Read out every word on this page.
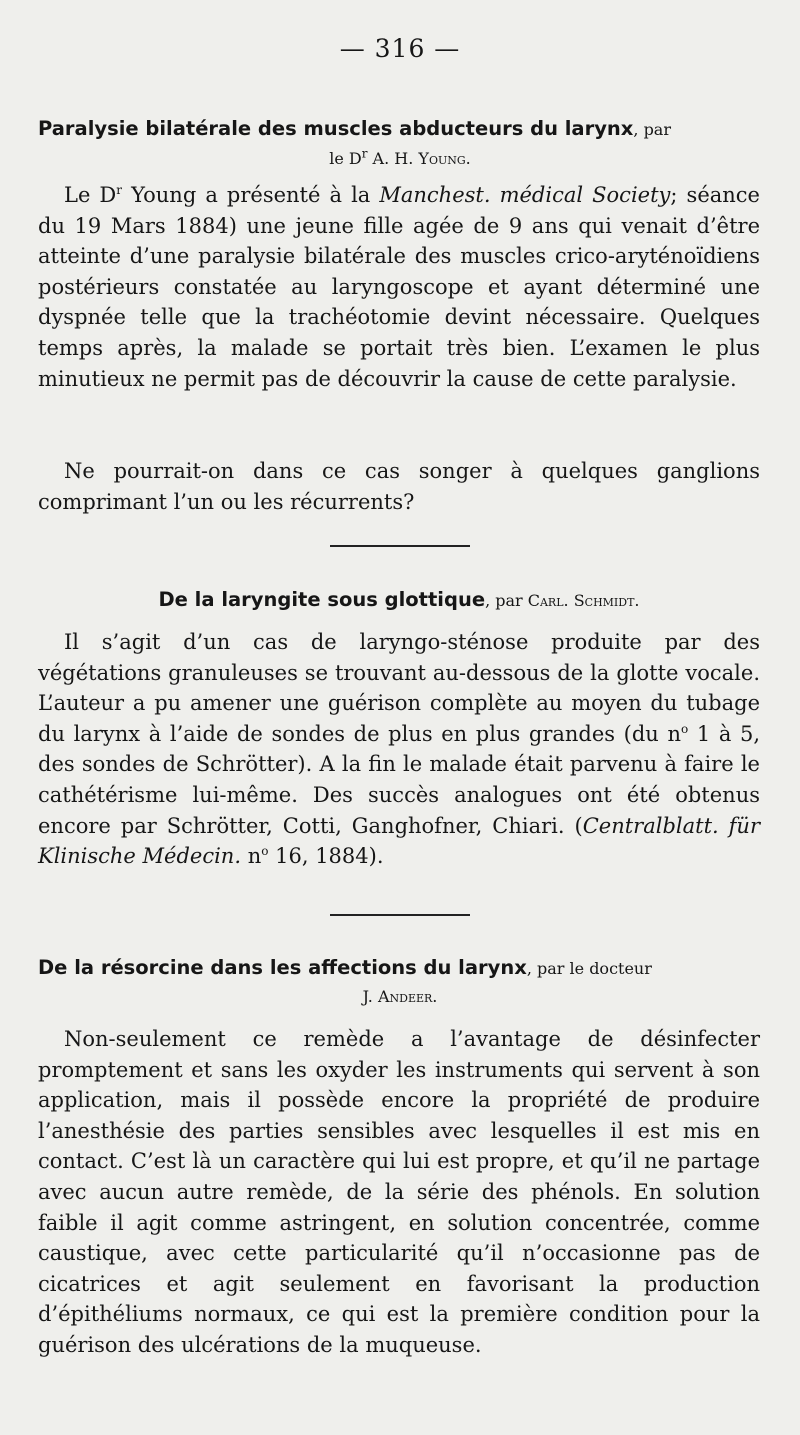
— 316 —
Paralysie bilatérale des muscles abducteurs du larynx, par
le $D^r$ A. H. Young.

Le $D^r$ Young a présenté à la Manchest. médical Society; séance du 19 Mars 1884) une jeune fille agée de 9 ans qui venait d’être atteinte d’une paralysie bilatérale des muscles crico-aryténoïdiens postérieurs constatée au laryngoscope et ayant déterminé une dyspnée telle que la trachéotomie devint nécessaire. Quelques temps après, la malade se portait très bien. L’examen le plus minutieux ne permit pas de découvrir la cause de cette paralysie.

Ne pourrait-on dans ce cas songer à quelques ganglions comprimant l’un ou les récurrents?

De la laryngite sous glottique, par Carl. Schmidt.

Il s’agit d’un cas de laryngo-sténose produite par des végétations granuleuses se trouvant au-dessous de la glotte vocale. L’auteur a pu amener une guérison complète au moyen du tubage du larynx à l’aide de sondes de plus en plus grandes (du $n^o$ 1 à 5, des sondes de Schrötter). A la fin le malade était parvenu à faire le cathétérisme lui-même. Des succès analogues ont été obtenus encore par Schrötter, Cotti, Ganghofner, Chiari. (Centralblatt. für Klinische Médecin. $n^o$ 16, 1884).

De la résorcine dans les affections du larynx, par le docteur
J. Andeer.

Non-seulement ce remède a l’avantage de désinfecter promptement et sans les oxyder les instruments qui servent à son application, mais il possède encore la propriété de produire l’anesthésie des parties sensibles avec lesquelles il est mis en contact. C’est là un caractère qui lui est propre, et qu’il ne partage avec aucun autre remède, de la série des phénols. En solution faible il agit comme astringent, en solution concentrée, comme caustique, avec cette particularité qu’il n’occasionne pas de cicatrices et agit seulement en favorisant la production d’épithéliums normaux, ce qui est la première condition pour la guérison des ulcérations de la muqueuse.
